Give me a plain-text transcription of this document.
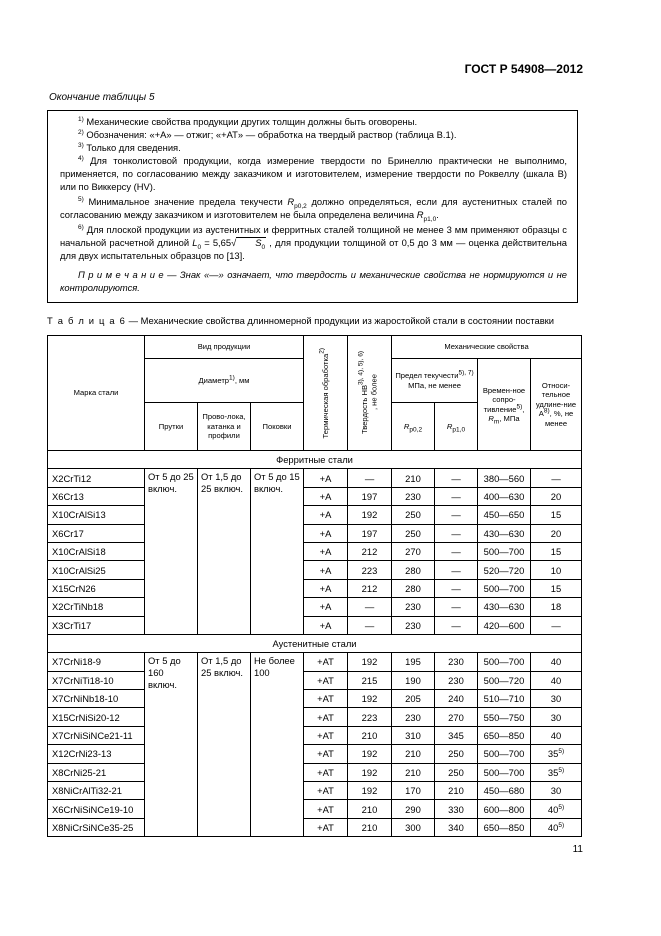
ГОСТ Р 54908—2012
Окончание таблицы 5

$^{1)}$ Механические свойства продукции других толщин должны быть оговорены.

$^{2)}$ Обозначения: «+A» — отжиг; «+AT» — обработка на твердый раствор (таблица В.1).

$^{3)}$ Только для сведения.

$^{4)}$ Для тонколистовой продукции, когда измерение твердости по Бринеллю практически не выполнимо, применяется, по согласованию между заказчиком и изготовителем, измерение твердости по Роквеллу (шкала В) или по Виккерсу (HV).

$^{5)}$ Минимальное значение предела текучести $R_{p0,2}$ должно определяться, если для аустенитных сталей по согласованию между заказчиком и изготовителем не была определена величина $R_{p1,0}$.

$^{6)}$ Для плоской продукции из аустенитных и ферритных сталей толщиной не менее 3 мм применяют образцы с начальной расчетной длиной $L_0 = 5,65√$ $S_0$ , для продукции толщиной от 0,5 до 3 мм — оценка действительна для двух испытательных образцов по [13].

П р и м е ч а н и е — Знак «—» означает, что твердость и механические свойства не нормируются и не контролируются.

Т а б л и ц а 6 — Механические свойства длинномерной продукции из жаростойкой стали в состоянии поставки
Марка стали	Вид продукции			Термическая обработка$^{2)}$	Твердость $НВ^{3), 4), 5), 6)}$
, не более	Механические свойства			
	Диаметр$^{1)}$, мм					Предел текучести$^{5), 7)}$ МПа, не менее		Времен-ное сопро-тивление$^{5)}$, $R_m$, МПа	Относи-тельное удлине-ние $A^{8)}$, %, не менее
	Прутки	Прово-лока, катанка и профили	Поковки			$R_{p0,2}$	$R_{p1,0}$
Ферритные стали									
X2CrTi12	От 5 до 25 включ.	От 1,5 до 25 включ.	От 5 до 15 включ.	+A	—	210	—	380—560	—
X6Cr13				+A	197	230	—	400—630	20
X10CrAlSi13				+A	192	250	—	450—650	15
X6Cr17				+A	197	250	—	430—630	20
X10CrAlSi18				+A	212	270	—	500—700	15
X10CrAlSi25				+A	223	280	—	520—720	10
X15CrN26				+A	212	280	—	500—700	15
X2CrTiNb18				+A	—	230	—	430—630	18
X3CrTi17				+A	—	230	—	420—600	—
Аустенитные стали									
X7CrNi18-9	От 5 до 160 включ.	От 1,5 до 25 включ.	Не более 100	+AT	192	195	230	500—700	40
X7CrNiTi18-10				+AT	215	190	230	500—720	40
X7CrNiNb18-10				+AT	192	205	240	510—710	30
X15CrNiSi20-12				+AT	223	230	270	550—750	30
X7CrNiSiNCe21-11				+AT	210	310	345	650—850	40
X12CrNi23-13				+AT	192	210	250	500—700	35$^{5)}$
X8CrNi25-21				+AT	192	210	250	500—700	35$^{5)}$
X8NiCrAlTi32-21				+AT	192	170	210	450—680	30
X6CrNiSiNCe19-10				+AT	210	290	330	600—800	40$^{5)}$
X8NiCrSiNCe35-25				+AT	210	300	340	650—850	40$^{5)}$
11
